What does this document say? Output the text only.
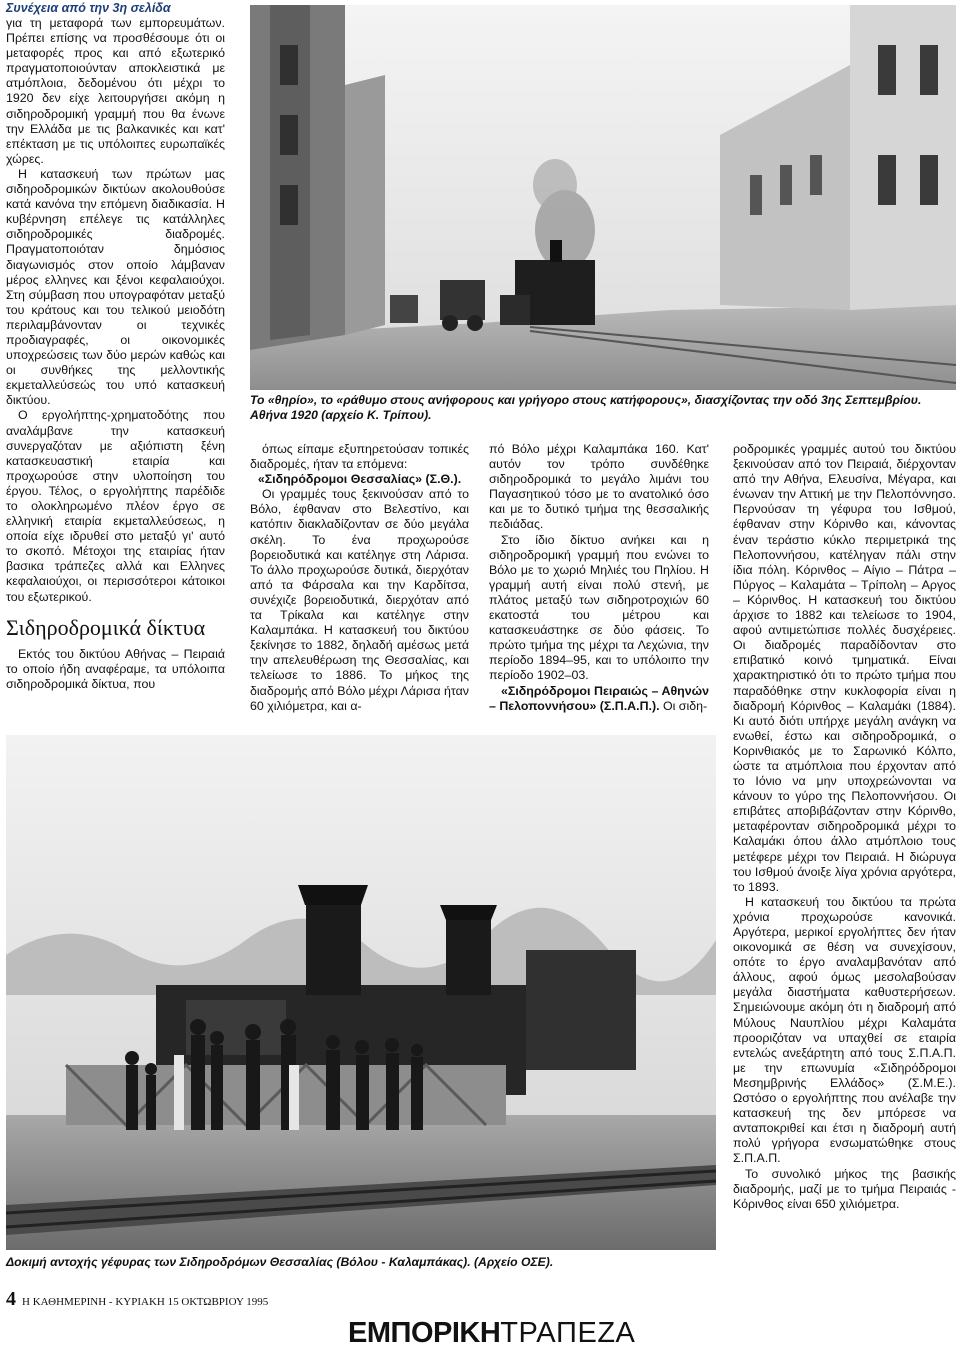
Συνέχεια από την 3η σελίδα

για τη μεταφορά των εμπορευμάτων. Πρέπει επίσης να προσθέσουμε ότι οι μεταφορές προς και από εξωτερικό πραγματοποιούνταν αποκλειστικά με ατμόπλοια, δεδομένου ότι μέχρι το 1920 δεν είχε λειτουργήσει ακόμη η σιδηροδρομική γραμμή που θα ένωνε την Ελλάδα με τις βαλκανικές και κατ' επέκταση με τις υπόλοιπες ευρωπαϊκές χώρες.

Η κατασκευή των πρώτων μας σιδηροδρομικών δικτύων ακολουθούσε κατά κανόνα την επόμενη διαδικασία. Η κυβέρνηση επέλεγε τις κατάλληλες σιδηροδρομικές διαδρομές. Πραγματοποιόταν δημόσιος διαγωνισμός στον οποίο λάμβαναν μέρος ελληνες και ξένοι κεφαλαιούχοι. Στη σύμβαση που υπογραφόταν μεταξύ του κράτους και του τελικού μειοδότη περιλαμβάνονταν οι τεχνικές προδιαγραφές, οι οικονομικές υποχρεώσεις των δύο μερών καθώς και οι συνθήκες της μελλοντικής εκμεταλλεύσεώς του υπό κατασκευή δικτύου.

Ο εργολήπτης-χρηματοδότης που αναλάμβανε την κατασκευή συνεργαζόταν με αξιόπιστη ξένη κατασκευαστική εταιρία και προχωρούσε στην υλοποίηση του έργου. Τέλος, ο εργολήπτης παρέδιδε το ολοκληρωμένο πλέον έργο σε ελληνική εταιρία εκμεταλλεύσεως, η οποία είχε ιδρυθεί στο μεταξύ γι' αυτό το σκοπό. Μέτοχοι της εταιρίας ήταν βασικα τράπεζες αλλά και Ελληνες κεφαλαιούχοι, οι περισσότεροι κάτοικοι του εξωτερικού.

Σιδηροδρομικά δίκτυα

Εκτός του δικτύου Αθήνας – Πειραιά το οποίο ήδη αναφέραμε, τα υπόλοιπα σιδηροδρομικά δίκτυα, που

Το «θηρίο», το «ράθυμο στους ανήφορους και γρήγορο στους κατήφορους», διασχίζοντας την οδό 3ης Σεπτεμβρίου. Αθήνα 1920 (αρχείο Κ. Τρίπου).

όπως είπαμε εξυπηρετούσαν τοπικές διαδρομές, ήταν τα επόμενα:

«Σιδηρόδρομοι Θεσσαλίας» (Σ.Θ.).

Οι γραμμές τους ξεκινούσαν από το Βόλο, έφθαναν στο Βελεστίνο, και κατόπιν διακλαδίζονταν σε δύο μεγάλα σκέλη. Το ένα προχωρούσε βορειοδυτικά και κατέληγε στη Λάρισα. Το άλλο προχωρούσε δυτικά, διερχόταν από τα Φάρσαλα και την Καρδίτσα, συνέχιζε βορειοδυτικά, διερχόταν από τα Τρίκαλα και κατέληγε στην Καλαμπάκα. Η κατασκευή του δικτύου ξεκίνησε το 1882, δηλαδή αμέσως μετά την απελευθέρωση της Θεσσαλίας, και τελείωσε το 1886. Το μήκος της διαδρομής από Βόλο μέχρι Λάρισα ήταν 60 χιλιόμετρα, και α-

πό Βόλο μέχρι Καλαμπάκα 160. Κατ' αυτόν τον τρόπο συνδέθηκε σιδηροδρομικά το μεγάλο λιμάνι του Παγασητικού τόσο με το ανατολικό όσο και με το δυτικό τμήμα της θεσσαλικής πεδιάδας.

Στο ίδιο δίκτυο ανήκει και η σιδηροδρομική γραμμή που ενώνει το Βόλο με το χωριό Μηλιές του Πηλίου. Η γραμμή αυτή είναι πολύ στενή, με πλάτος μεταξύ των σιδηροτροχιών 60 εκατοστά του μέτρου και κατασκευάστηκε σε δύο φάσεις. Το πρώτο τμήμα της μέχρι τα Λεχώνια, την περίοδο 1894–95, και το υπόλοιπο την περίοδο 1902–03.

«Σιδηρόδρομοι Πειραιώς – Αθηνών – Πελοποννήσου» (Σ.Π.Α.Π.). Οι σιδη-

ροδρομικές γραμμές αυτού του δικτύου ξεκινούσαν από τον Πειραιά, διέρχονταν από την Αθήνα, Ελευσίνα, Μέγαρα, και ένωναν την Αττική με την Πελοπόννησο. Περνούσαν τη γέφυρα του Ισθμού, έφθαναν στην Κόρινθο και, κάνοντας έναν τεράστιο κύκλο περιμετρικά της Πελοποννήσου, κατέληγαν πάλι στην ίδια πόλη. Κόρινθος – Αίγιο – Πάτρα – Πύργος – Καλαμάτα – Τρίπολη – Αργος – Κόρινθος. Η κατασκευή του δικτύου άρχισε το 1882 και τελείωσε το 1904, αφού αντιμετώπισε πολλές δυσχέρειες. Οι διαδρομές παραδίδονταν στο επιβατικό κοινό τμηματικά. Είναι χαρακτηριστικό ότι το πρώτο τμήμα που παραδόθηκε στην κυκλοφορία είναι η διαδρομή Κόρινθος – Καλαμάκι (1884). Κι αυτό διότι υπήρχε μεγάλη ανάγκη να ενωθεί, έστω και σιδηροδρομικά, ο Κορινθιακός με το Σαρωνικό Κόλπο, ώστε τα ατμόπλοια που έρχονταν από το Ιόνιο να μην υποχρεώνονται να κάνουν το γύρο της Πελοποννήσου. Οι επιβάτες αποβιβάζονταν στην Κόρινθο, μεταφέρονταν σιδηροδρομικά μέχρι το Καλαμάκι όπου άλλο ατμόπλοιο τους μετέφερε μέχρι τον Πειραιά. Η διώρυγα του Ισθμού άνοιξε λίγα χρόνια αργότερα, το 1893.

Η κατασκευή του δικτύου τα πρώτα χρόνια προχωρούσε κανονικά. Αργότερα, μερικοί εργολήπτες δεν ήταν οικονομικά σε θέση να συνεχίσουν, οπότε το έργο αναλαμβανόταν από άλλους, αφού όμως μεσολαβούσαν μεγάλα διαστήματα καθυστερήσεων. Σημειώνουμε ακόμη ότι η διαδρομή από Μύλους Ναυπλίου μέχρι Καλαμάτα προοριζόταν να υπαχθεί σε εταιρία εντελώς ανεξάρτητη από τους Σ.Π.Α.Π. με την επωνυμία «Σιδηρόδρομοι Μεσημβρινής Ελλάδος» (Σ.Μ.Ε.). Ωστόσο ο εργολήπτης που ανέλαβε την κατασκευή της δεν μπόρεσε να ανταποκριθεί και έτσι η διαδρομή αυτή πολύ γρήγορα ενσωματώθηκε στους Σ.Π.Α.Π.

Το συνολικό μήκος της βασικής διαδρομής, μαζί με το τμήμα Πειραιάς - Κόρινθος είναι 650 χιλιόμετρα.

Δοκιμή αντοχής γέφυρας των Σιδηροδρόμων Θεσσαλίας (Βόλου - Καλαμπάκας). (Αρχείο ΟΣΕ).
4 Η ΚΑΘΗΜΕΡΙΝΗ - ΚΥΡΙΑΚΗ 15 ΟΚΤΩΒΡΙΟΥ 1995
ΕΜΠΟΡΙΚΗΤΡΑΠΕΖΑ
